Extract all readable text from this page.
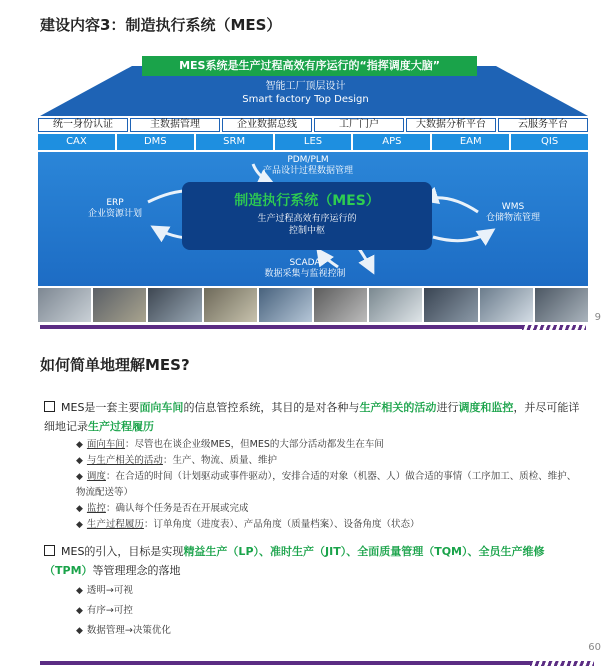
建设内容3：制造执行系统（MES）
MES系统是生产过程高效有序运行的“指挥调度大脑”
智能工厂顶层设计
Smart factory Top Design
统一身份认证	主数据管理	企业数据总线	工厂门户	大数据分析平台	云服务平台
CAX	DMS	SRM	LES	APS	EAM	QIS
制造执行系统（MES）
生产过程高效有序运行的
控制中枢
PDM/PLM
产品设计过程数据管理
ERP
企业资源计划
WMS
仓储物流管理
SCADA
数据采集与监视控制
9
如何简单地理解MES?
MES是一套主要面向车间的信息管控系统，其目的是对各种与生产相关的活动进行调度和监控，并尽可能详细地记录生产过程履历
◆ 面向车间：尽管也在谈企业级MES，但MES的大部分活动都发生在车间
◆ 与生产相关的活动：生产、物流、质量、维护
◆ 调度：在合适的时间（计划驱动或事件驱动），安排合适的对象（机器、人）做合适的事情（工序加工、质检、维护、物流配送等）
◆ 监控：确认每个任务是否在开展或完成
◆ 生产过程履历：订单角度（进度表）、产品角度（质量档案）、设备角度（状态）
MES的引入，目标是实现精益生产（LP）、准时生产（JIT）、全面质量管理（TQM）、全员生产维修（TPM）等管理理念的落地
◆ 透明→可视
◆ 有序→可控
◆ 数据管理→决策优化
60
